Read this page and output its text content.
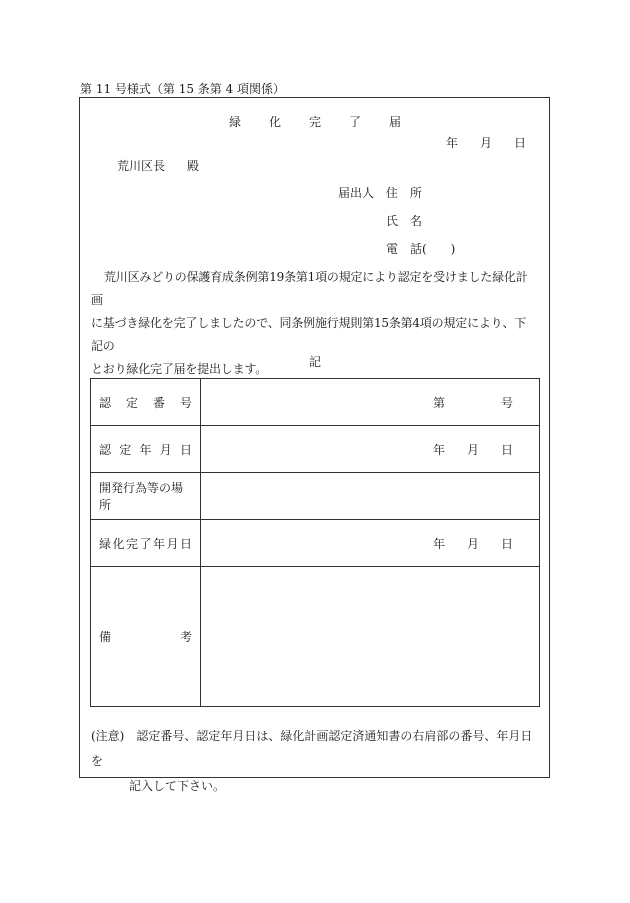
第 11 号様式（第 15 条第 4 項関係）
緑化完了届
年 月 日
荒川区長 殿
届出人 住　所
氏　名
電　話(　　)

荒川区みどりの保護育成条例第19条第1項の規定により認定を受けました緑化計画

に基づき緑化を完了しましたので、同条例施行規則第15条第4項の規定により、下記の

とおり緑化完了届を提出します。	記
認定番号	第 号

認定年月日	年 月 日

開発行為等の場所	

緑化完了年月日	年 月 日

備考	

(注意)　認定番号、認定年月日は、緑化計画認定済通知書の右肩部の番号、年月日を
記入して下さい。
